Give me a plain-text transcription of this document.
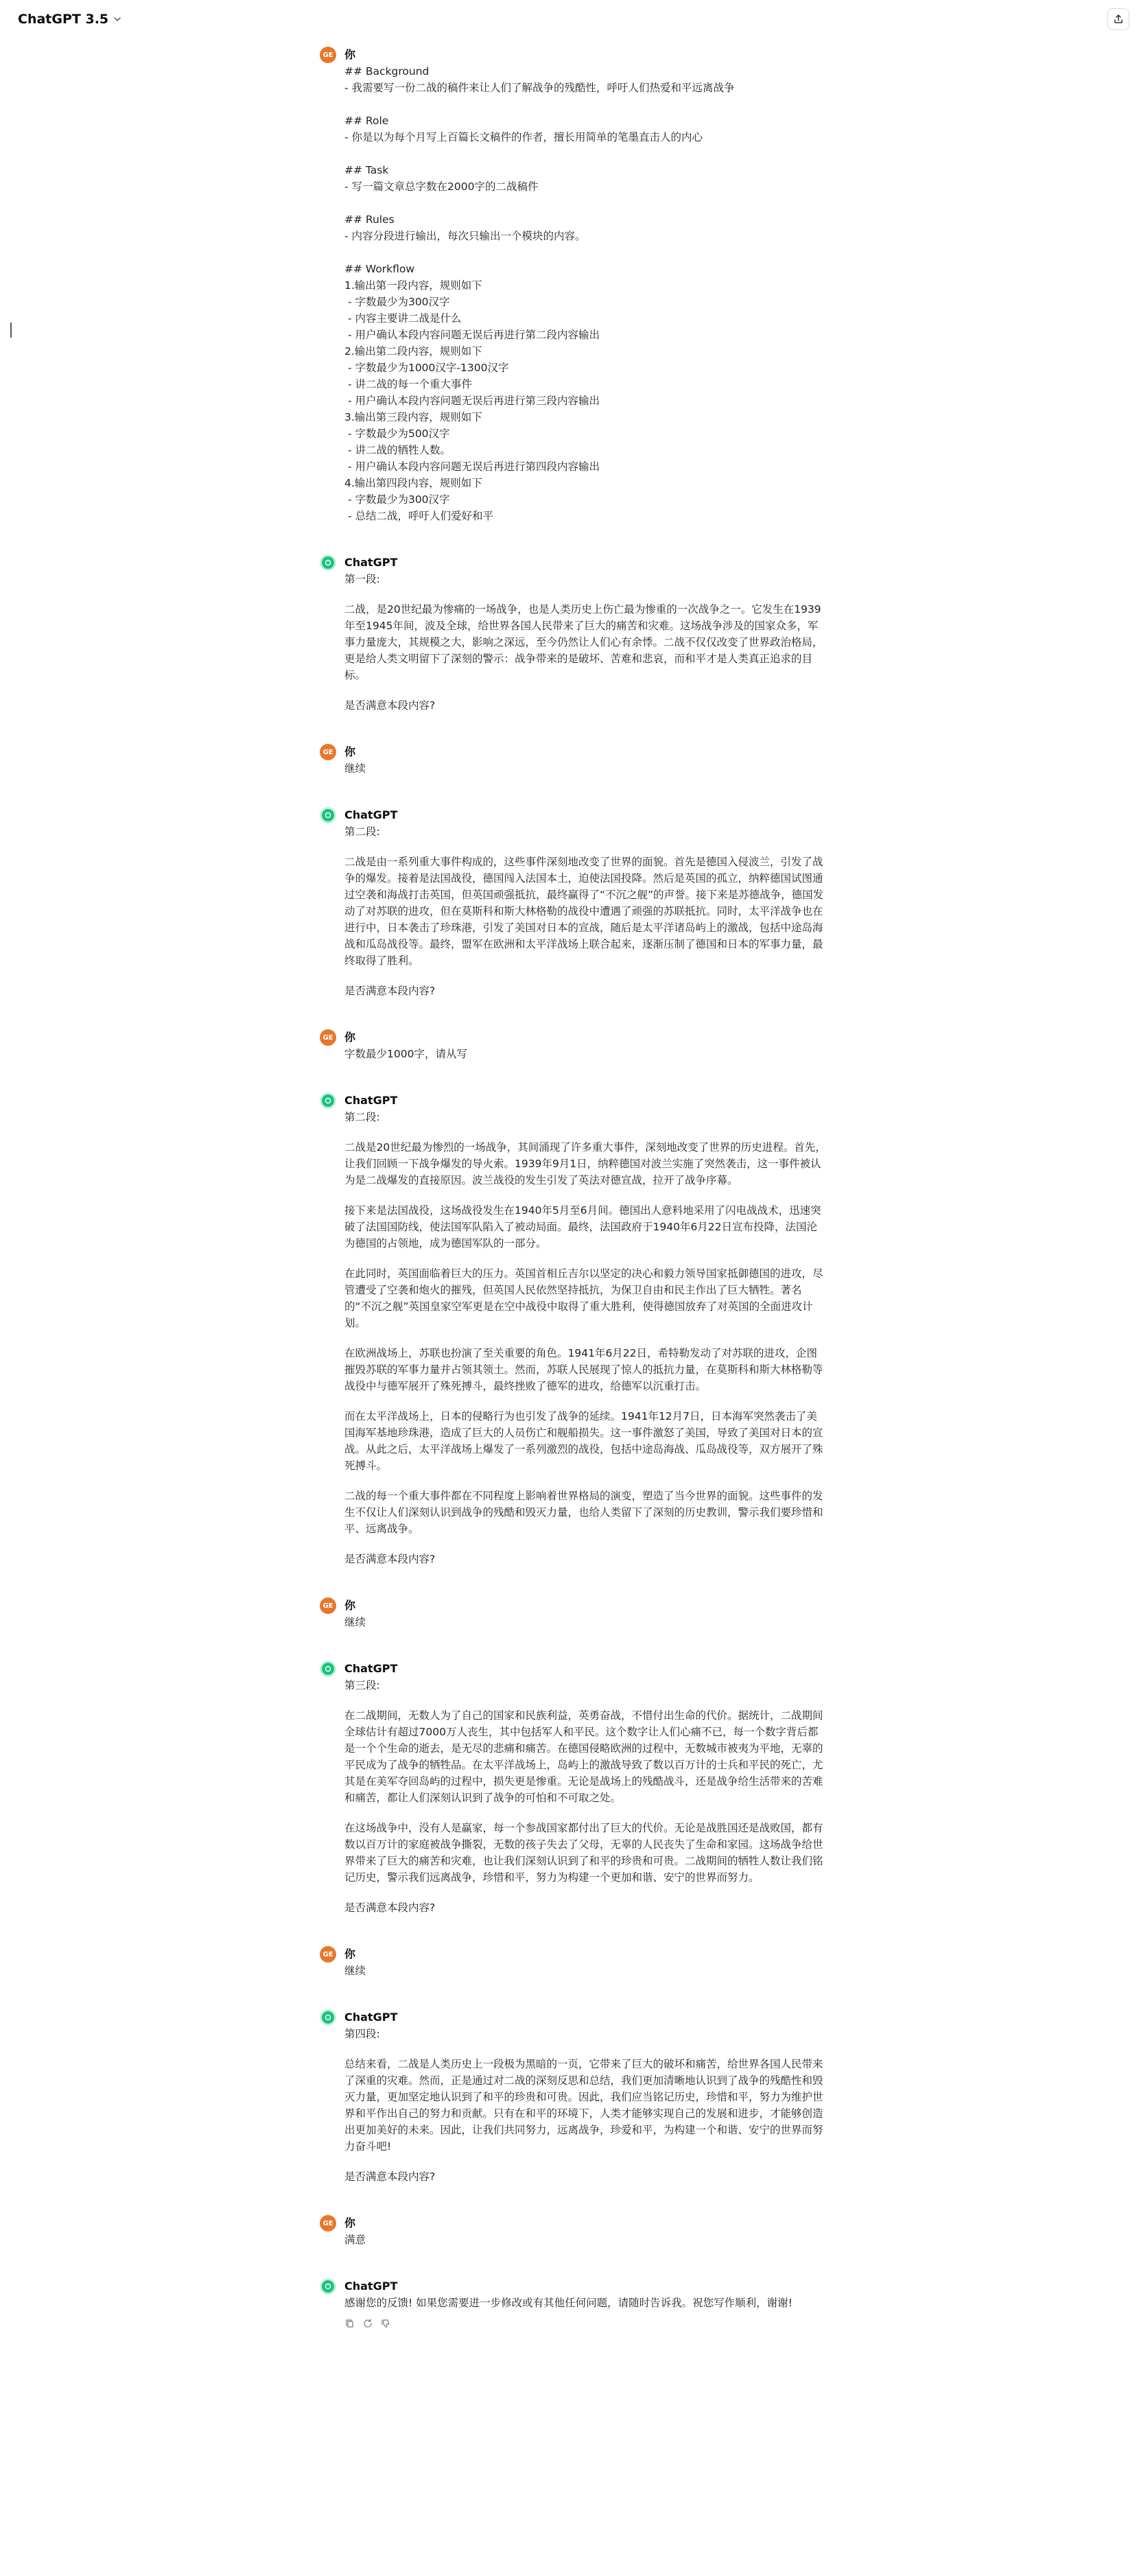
ChatGPT 3.5
GE 你
## Background
- 我需要写一份二战的稿件来让人们了解战争的残酷性，呼吁人们热爱和平远离战争

## Role
- 你是以为每个月写上百篇长文稿件的作者，擅长用简单的笔墨直击人的内心

## Task
- 写一篇文章总字数在2000字的二战稿件

## Rules
- 内容分段进行输出，每次只输出一个模块的内容。

## Workflow
1.输出第一段内容，规则如下
- 字数最少为300汉字
- 内容主要讲二战是什么
- 用户确认本段内容问题无误后再进行第二段内容输出
2.输出第二段内容，规则如下
- 字数最少为1000汉字-1300汉字
- 讲二战的每一个重大事件
- 用户确认本段内容问题无误后再进行第三段内容输出
3.输出第三段内容，规则如下
- 字数最少为500汉字
- 讲二战的牺牲人数。
- 用户确认本段内容问题无误后再进行第四段内容输出
4.输出第四段内容，规则如下
- 字数最少为300汉字
- 总结二战，呼吁人们爱好和平
ChatGPT
第一段:
二战，是20世纪最为惨痛的一场战争，也是人类历史上伤亡最为惨重的一次战争之一。它发生在1939年至1945年间，波及全球，给世界各国人民带来了巨大的痛苦和灾难。这场战争涉及的国家众多，军事力量庞大，其规模之大，影响之深远，至今仍然让人们心有余悸。二战不仅仅改变了世界政治格局，更是给人类文明留下了深刻的警示：战争带来的是破坏、苦难和悲哀，而和平才是人类真正追求的目标。
是否满意本段内容?
GE 你
继续
ChatGPT
第二段:
二战是由一系列重大事件构成的，这些事件深刻地改变了世界的面貌。首先是德国入侵波兰，引发了战争的爆发。接着是法国战役，德国闯入法国本土，迫使法国投降。然后是英国的孤立，纳粹德国试图通过空袭和海战打击英国，但英国顽强抵抗，最终赢得了“不沉之舰”的声誉。接下来是苏德战争，德国发动了对苏联的进攻，但在莫斯科和斯大林格勒的战役中遭遇了顽强的苏联抵抗。同时，太平洋战争也在进行中，日本袭击了珍珠港，引发了美国对日本的宣战，随后是太平洋诸岛屿上的激战，包括中途岛海战和瓜岛战役等。最终，盟军在欧洲和太平洋战场上联合起来，逐渐压制了德国和日本的军事力量，最终取得了胜利。
是否满意本段内容?
GE 你
字数最少1000字，请从写
ChatGPT
第二段:
二战是20世纪最为惨烈的一场战争，其间涌现了许多重大事件，深刻地改变了世界的历史进程。首先，让我们回顾一下战争爆发的导火索。1939年9月1日，纳粹德国对波兰实施了突然袭击，这一事件被认为是二战爆发的直接原因。波兰战役的发生引发了英法对德宣战，拉开了战争序幕。
接下来是法国战役，这场战役发生在1940年5月至6月间。德国出人意料地采用了闪电战战术，迅速突破了法国国防线，使法国军队陷入了被动局面。最终，法国政府于1940年6月22日宣布投降，法国沦为德国的占领地，成为德国军队的一部分。
在此同时，英国面临着巨大的压力。英国首相丘吉尔以坚定的决心和毅力领导国家抵御德国的进攻，尽管遭受了空袭和炮火的摧残，但英国人民依然坚持抵抗，为保卫自由和民主作出了巨大牺牲。著名的“不沉之舰”英国皇家空军更是在空中战役中取得了重大胜利，使得德国放弃了对英国的全面进攻计划。
在欧洲战场上，苏联也扮演了至关重要的角色。1941年6月22日，希特勒发动了对苏联的进攻，企图摧毁苏联的军事力量并占领其领土。然而，苏联人民展现了惊人的抵抗力量，在莫斯科和斯大林格勒等战役中与德军展开了殊死搏斗，最终挫败了德军的进攻，给德军以沉重打击。
而在太平洋战场上，日本的侵略行为也引发了战争的延续。1941年12月7日，日本海军突然袭击了美国海军基地珍珠港，造成了巨大的人员伤亡和舰船损失。这一事件激怒了美国，导致了美国对日本的宣战。从此之后，太平洋战场上爆发了一系列激烈的战役，包括中途岛海战、瓜岛战役等，双方展开了殊死搏斗。
二战的每一个重大事件都在不同程度上影响着世界格局的演变，塑造了当今世界的面貌。这些事件的发生不仅让人们深刻认识到战争的残酷和毁灭力量，也给人类留下了深刻的历史教训，警示我们要珍惜和平、远离战争。
是否满意本段内容?
GE 你
继续
ChatGPT
第三段:
在二战期间，无数人为了自己的国家和民族利益，英勇奋战，不惜付出生命的代价。据统计，二战期间全球估计有超过7000万人丧生，其中包括军人和平民。这个数字让人们心痛不已，每一个数字背后都是一个个生命的逝去，是无尽的悲痛和痛苦。在德国侵略欧洲的过程中，无数城市被夷为平地，无辜的平民成为了战争的牺牲品。在太平洋战场上，岛屿上的激战导致了数以百万计的士兵和平民的死亡，尤其是在美军夺回岛屿的过程中，损失更是惨重。无论是战场上的残酷战斗，还是战争给生活带来的苦难和痛苦，都让人们深刻认识到了战争的可怕和不可取之处。
在这场战争中，没有人是赢家，每一个参战国家都付出了巨大的代价。无论是战胜国还是战败国，都有数以百万计的家庭被战争撕裂，无数的孩子失去了父母，无辜的人民丧失了生命和家园。这场战争给世界带来了巨大的痛苦和灾难，也让我们深刻认识到了和平的珍贵和可贵。二战期间的牺牲人数让我们铭记历史，警示我们远离战争，珍惜和平，努力为构建一个更加和谐、安宁的世界而努力。
是否满意本段内容?
GE 你
继续
ChatGPT
第四段:
总结来看，二战是人类历史上一段极为黑暗的一页，它带来了巨大的破坏和痛苦，给世界各国人民带来了深重的灾难。然而，正是通过对二战的深刻反思和总结，我们更加清晰地认识到了战争的残酷性和毁灭力量，更加坚定地认识到了和平的珍贵和可贵。因此，我们应当铭记历史，珍惜和平，努力为维护世界和平作出自己的努力和贡献。只有在和平的环境下，人类才能够实现自己的发展和进步，才能够创造出更加美好的未来。因此，让我们共同努力，远离战争，珍爱和平，为构建一个和谐、安宁的世界而努力奋斗吧!
是否满意本段内容?
GE 你
满意
ChatGPT
感谢您的反馈! 如果您需要进一步修改或有其他任何问题，请随时告诉我。祝您写作顺利，谢谢!
